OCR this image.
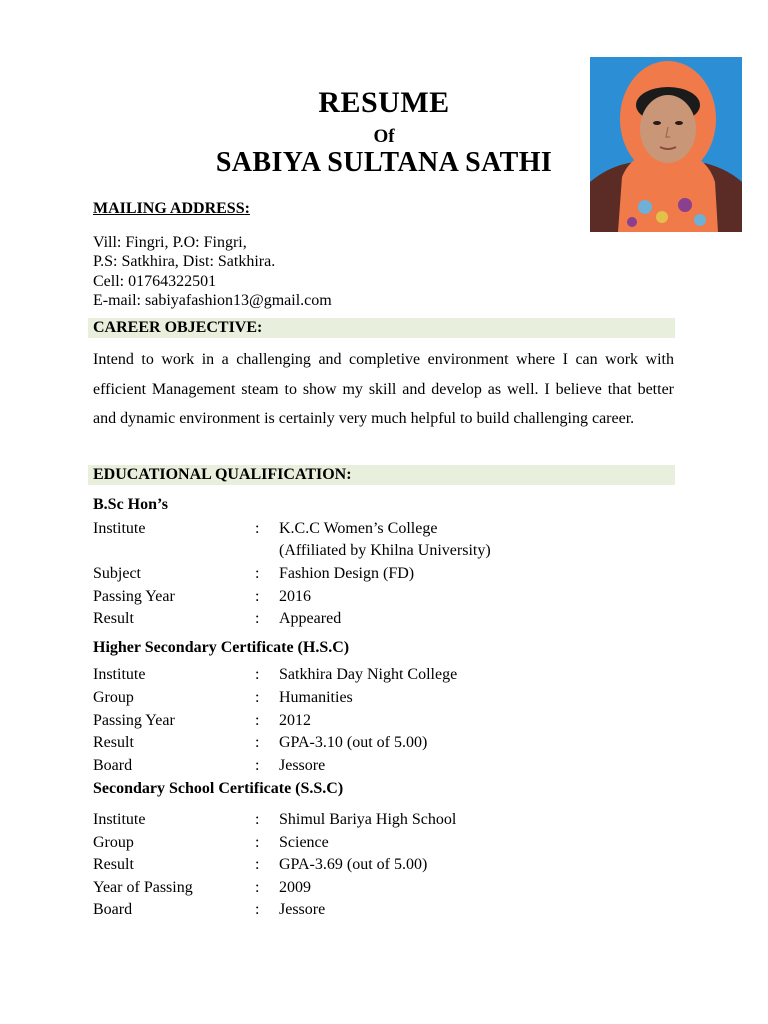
RESUME
Of
SABIYA SULTANA SATHI
MAILING ADDRESS:
Vill: Fingri, P.O: Fingri,
P.S: Satkhira, Dist: Satkhira.
Cell: 01764322501
E-mail: sabiyafashion13@gmail.com
CAREER OBJECTIVE:

Intend to work in a challenging and completive environment where I can work with efficient Management steam to show my skill and develop as well. I believe that better and dynamic environment is certainly very much helpful to build challenging career.

EDUCATIONAL QUALIFICATION:
B.Sc Hon’s
Institute	: K.C.C Women’s College
(Affiliated by Khilna University)
Subject	: Fashion Design (FD)
Passing Year	: 2016
Result	: Appeared
Higher Secondary Certificate (H.S.C)
Institute	: Satkhira Day Night College
Group	: Humanities
Passing Year	: 2012
Result	: GPA-3.10 (out of 5.00)
Board	: Jessore
Secondary School Certificate (S.S.C)
Institute	: Shimul Bariya High School
Group	: Science
Result	: GPA-3.69 (out of 5.00)
Year of Passing	: 2009
Board	: Jessore
